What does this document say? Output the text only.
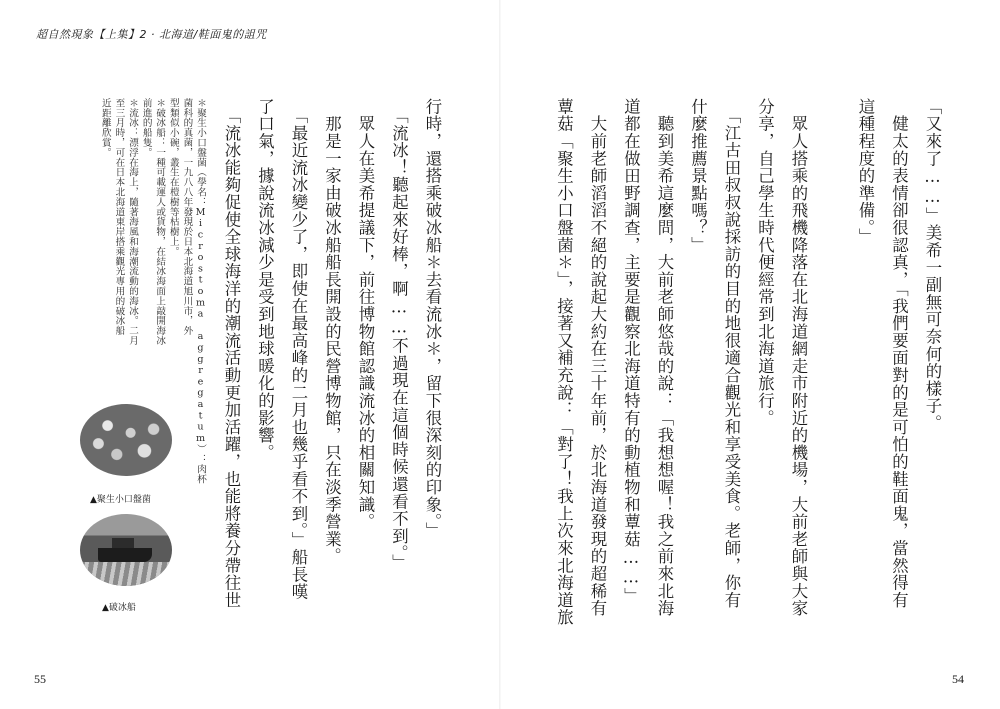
超自然現象【上集】2 · 北海道/鞋面鬼的詛咒
行時，還搭乘破冰船＊去看流冰＊，留下很深刻的印象。」
　「流冰！聽起來好棒，啊……不過現在這個時候還看不到。」
　眾人在美希提議下，前往博物館認識流冰的相關知識。
　那是一家由破冰船船長開設的民營博物館，只在淡季營業。
　「最近流冰變少了，即使在最高峰的二月也幾乎看不到。」船長嘆
了口氣，據說流冰減少是受到地球暖化的影響。
　「流冰能夠促使全球海洋的潮流活動更加活躍，也能將養分帶往世
＊聚生小口盤菌（學名：Microstoma aggregatum）：肉杯
菌科的真菌，一九八八年發現於日本北海道旭川市，外
型類似小碗，叢生在榿樹等枯樹上。
＊破冰船：一種可載運人或貨物，在結冰海面上敲開海冰
前進的船隻。
＊流冰：漂浮在海上，隨著海風和海潮流動的海冰。二月
至三月時，可在日本北海道東岸搭乘觀光專用的破冰船
近距離欣賞。
▲聚生小口盤菌
▲破冰船
55
「又來了……」美希一副無可奈何的樣子。
　健太的表情卻很認真，「我們要面對的是可怕的鞋面鬼，當然得有
這種程度的準備。」

　眾人搭乘的飛機降落在北海道網走市附近的機場，大前老師與大家
分享，自己學生時代便經常到北海道旅行。
　「江古田叔叔說採訪的目的地很適合觀光和享受美食。老師，你有
什麼推薦景點嗎？」
　聽到美希這麼問，大前老師悠哉的說：「我想想喔！我之前來北海
道都在做田野調查，主要是觀察北海道特有的動植物和蕈菇……」
　大前老師滔滔不絕的說起大約在三十年前，於北海道發現的超稀有
蕈菇「聚生小口盤菌＊」，接著又補充說：「對了！我上次來北海道旅
54
